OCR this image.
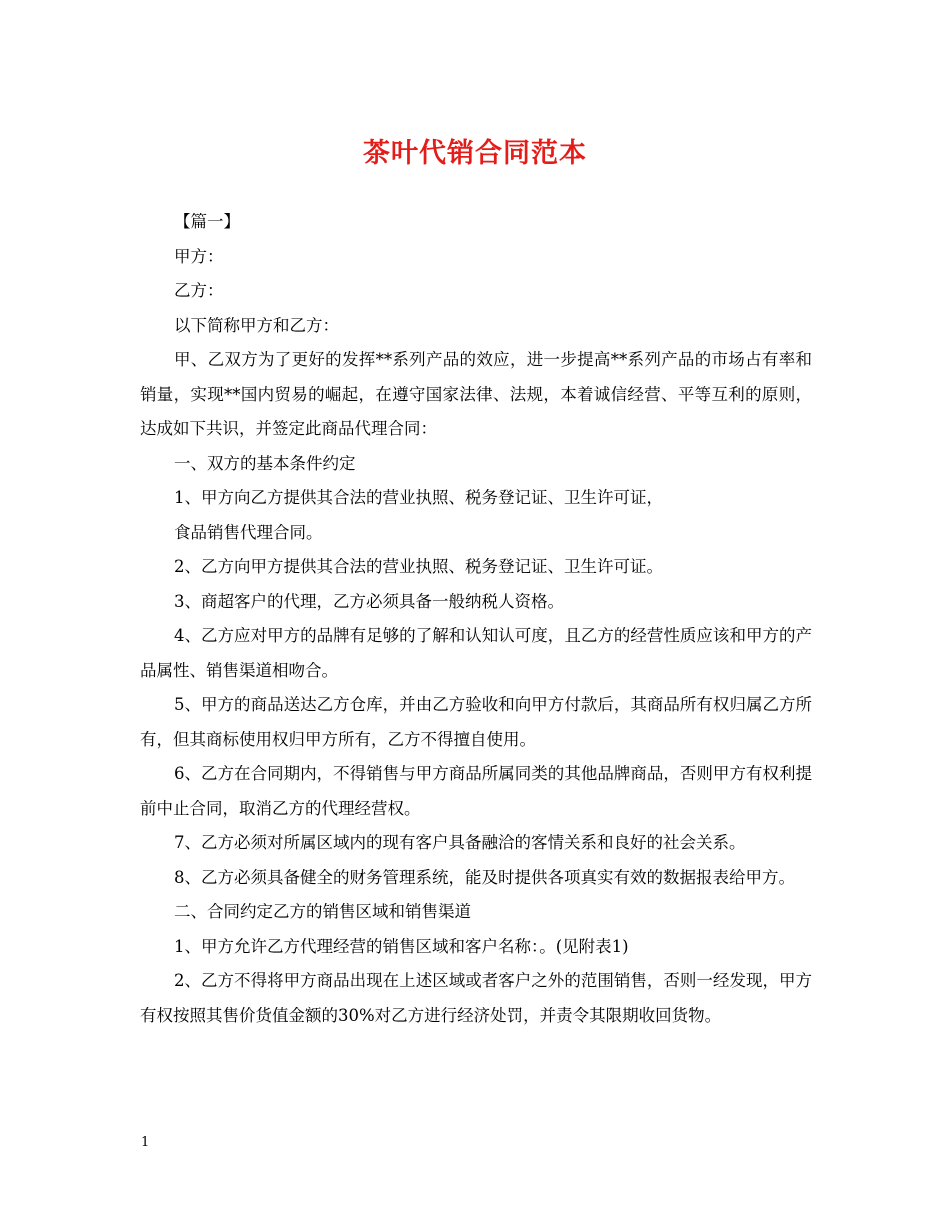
茶叶代销合同范本

【篇一】

甲方：

乙方：

以下简称甲方和乙方：

甲、乙双方为了更好的发挥**系列产品的效应，进一步提高**系列产品的市场占有率和销量，实现**国内贸易的崛起，在遵守国家法律、法规，本着诚信经营、平等互利的原则，达成如下共识，并签定此商品代理合同：

一、双方的基本条件约定

1、甲方向乙方提供其合法的营业执照、税务登记证、卫生许可证，

食品销售代理合同。

2、乙方向甲方提供其合法的营业执照、税务登记证、卫生许可证。

3、商超客户的代理，乙方必须具备一般纳税人资格。

4、乙方应对甲方的品牌有足够的了解和认知认可度，且乙方的经营性质应该和甲方的产品属性、销售渠道相吻合。

5、甲方的商品送达乙方仓库，并由乙方验收和向甲方付款后，其商品所有权归属乙方所有，但其商标使用权归甲方所有，乙方不得擅自使用。

6、乙方在合同期内，不得销售与甲方商品所属同类的其他品牌商品，否则甲方有权利提前中止合同，取消乙方的代理经营权。

7、乙方必须对所属区域内的现有客户具备融洽的客情关系和良好的社会关系。

8、乙方必须具备健全的财务管理系统，能及时提供各项真实有效的数据报表给甲方。

二、合同约定乙方的销售区域和销售渠道

1、甲方允许乙方代理经营的销售区域和客户名称：。(见附表1)

2、乙方不得将甲方商品出现在上述区域或者客户之外的范围销售，否则一经发现，甲方有权按照其售价货值金额的30%对乙方进行经济处罚，并责令其限期收回货物。

1
